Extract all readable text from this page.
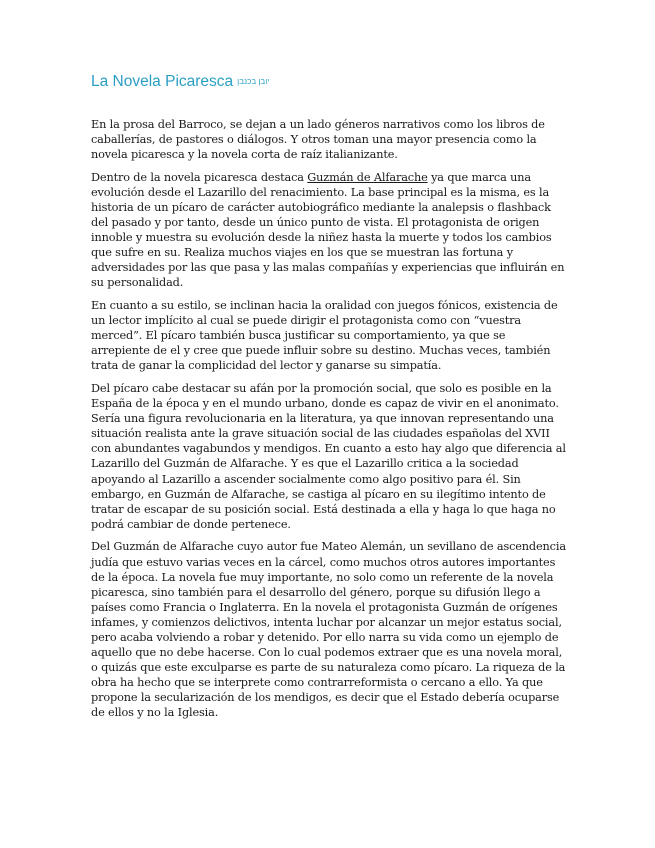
La Novela Picaresca יובן בכנבן

En la prosa del Barroco, se dejan a un lado géneros narrativos como los libros de caballerías, de pastores o diálogos. Y otros toman una mayor presencia como la novela picaresca y la novela corta de raíz italianizante.

Dentro de la novela picaresca destaca Guzmán de Alfarache ya que marca una evolución desde el Lazarillo del renacimiento. La base principal es la misma, es la historia de un pícaro de carácter autobiográfico mediante la analepsis o flashback del pasado y por tanto, desde un único punto de vista. El protagonista de origen innoble y muestra su evolución desde la niñez hasta la muerte y todos los cambios que sufre en su. Realiza muchos viajes en los que se muestran las fortuna y adversidades por las que pasa y las malas compañías y experiencias que influirán en su personalidad.

En cuanto a su estilo, se inclinan hacia la oralidad con juegos fónicos, existencia de un lector implícito al cual se puede dirigir el protagonista como con “vuestra merced”. El pícaro también busca justificar su comportamiento, ya que se arrepiente de el y cree que puede influir sobre su destino. Muchas veces, también trata de ganar la complicidad del lector y ganarse su simpatía.

Del pícaro cabe destacar su afán por la promoción social, que solo es posible en la España de la época y en el mundo urbano, donde es capaz de vivir en el anonimato. Sería una figura revolucionaria en la literatura, ya que innovan representando una situación realista ante la grave situación social de las ciudades españolas del XVII con abundantes vagabundos y mendigos. En cuanto a esto hay algo que diferencia al Lazarillo del Guzmán de Alfarache. Y es que el Lazarillo critica a la sociedad apoyando al Lazarillo a ascender socialmente como algo positivo para él. Sin embargo, en Guzmán de Alfarache, se castiga al pícaro en su ilegítimo intento de tratar de escapar de su posición social. Está destinada a ella y haga lo que haga no podrá cambiar de donde pertenece.

Del Guzmán de Alfarache cuyo autor fue Mateo Alemán, un sevillano de ascendencia judía que estuvo varias veces en la cárcel, como muchos otros autores importantes de la época. La novela fue muy importante, no solo como un referente de la novela picaresca, sino también para el desarrollo del género, porque su difusión llego a países como Francia o Inglaterra. En la novela el protagonista Guzmán de orígenes infames, y comienzos delictivos, intenta luchar por alcanzar un mejor estatus social, pero acaba volviendo a robar y detenido. Por ello narra su vida como un ejemplo de aquello que no debe hacerse. Con lo cual podemos extraer que es una novela moral, o quizás que este exculparse es parte de su naturaleza como pícaro. La riqueza de la obra ha hecho que se interprete como contrarreformista o cercano a ello. Ya que propone la secularización de los mendigos, es decir que el Estado debería ocuparse de ellos y no la Iglesia.
